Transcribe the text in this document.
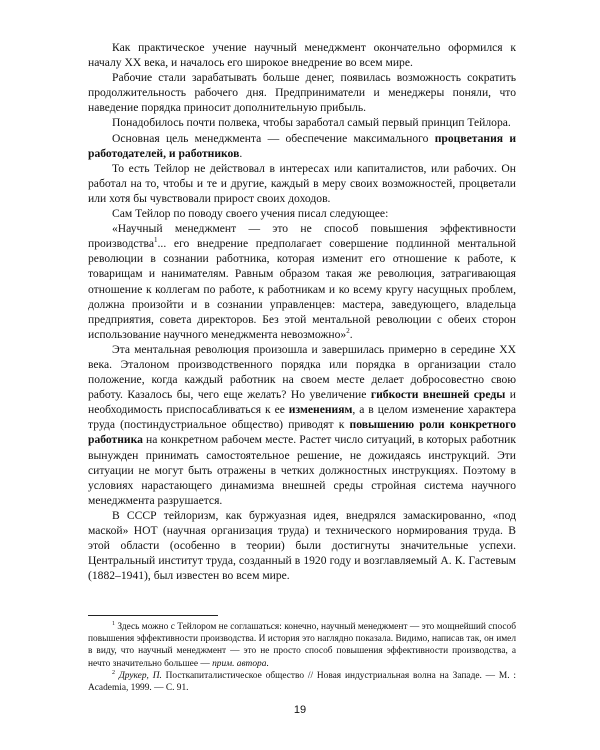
Как практическое учение научный менеджмент окончательно оформился к началу XX века, и началось его широкое внедрение во всем мире.

Рабочие стали зарабатывать больше денег, появилась возможность сократить продолжительность рабочего дня. Предприниматели и менеджеры поняли, что наведение порядка приносит дополнительную прибыль.

Понадобилось почти полвека, чтобы заработал самый первый принцип Тейлора.

Основная цель менеджмента — обеспечение максимального процветания и работодателей, и работников.

То есть Тейлор не действовал в интересах или капиталистов, или рабочих. Он работал на то, чтобы и те и другие, каждый в меру своих возможностей, процветали или хотя бы чувствовали прирост своих доходов.

Сам Тейлор по поводу своего учения писал следующее:

«Научный менеджмент — это не способ повышения эффективности производства$^1$... его внедрение предполагает совершение подлинной ментальной революции в сознании работника, которая изменит его отношение к работе, к товарищам и нанимателям. Равным образом такая же революция, затрагивающая отношение к коллегам по работе, к работникам и ко всему кругу насущных проблем, должна произойти и в сознании управленцев: мастера, заведующего, владельца предприятия, совета директоров. Без этой ментальной революции с обеих сторон использование научного менеджмента невозможно»$^2$.

Эта ментальная революция произошла и завершилась примерно в середине XX века. Эталоном производственного порядка или порядка в организации стало положение, когда каждый работник на своем месте делает добросовестно свою работу. Казалось бы, чего еще желать? Но увеличение гибкости внешней среды и необходимость приспосабливаться к ее изменениям, а в целом изменение характера труда (постиндустриальное общество) приводят к повышению роли конкретного работника на конкретном рабочем месте. Растет число ситуаций, в которых работник вынужден принимать самостоятельное решение, не дожидаясь инструкций. Эти ситуации не могут быть отражены в четких должностных инструкциях. Поэтому в условиях нарастающего динамизма внешней среды стройная система научного менеджмента разрушается.

В СССР тейлоризм, как буржуазная идея, внедрялся замаскированно, «под маской» НОТ (научная организация труда) и технического нормирования труда. В этой области (особенно в теории) были достигнуты значительные успехи. Центральный институт труда, созданный в 1920 году и возглавляемый А. К. Гастевым (1882–1941), был известен во всем мире.

$^1$ Здесь можно с Тейлором не соглашаться: конечно, научный менеджмент — это мощнейший способ повышения эффективности производства. И история это наглядно показала. Видимо, написав так, он имел в виду, что научный менеджмент — это не просто способ повышения эффективности производства, а нечто значительно большее — прим. автора.

$^2$ Друкер, П. Посткапиталистическое общество // Новая индустриальная волна на Западе. — М. : Academia, 1999. — С. 91.

19
